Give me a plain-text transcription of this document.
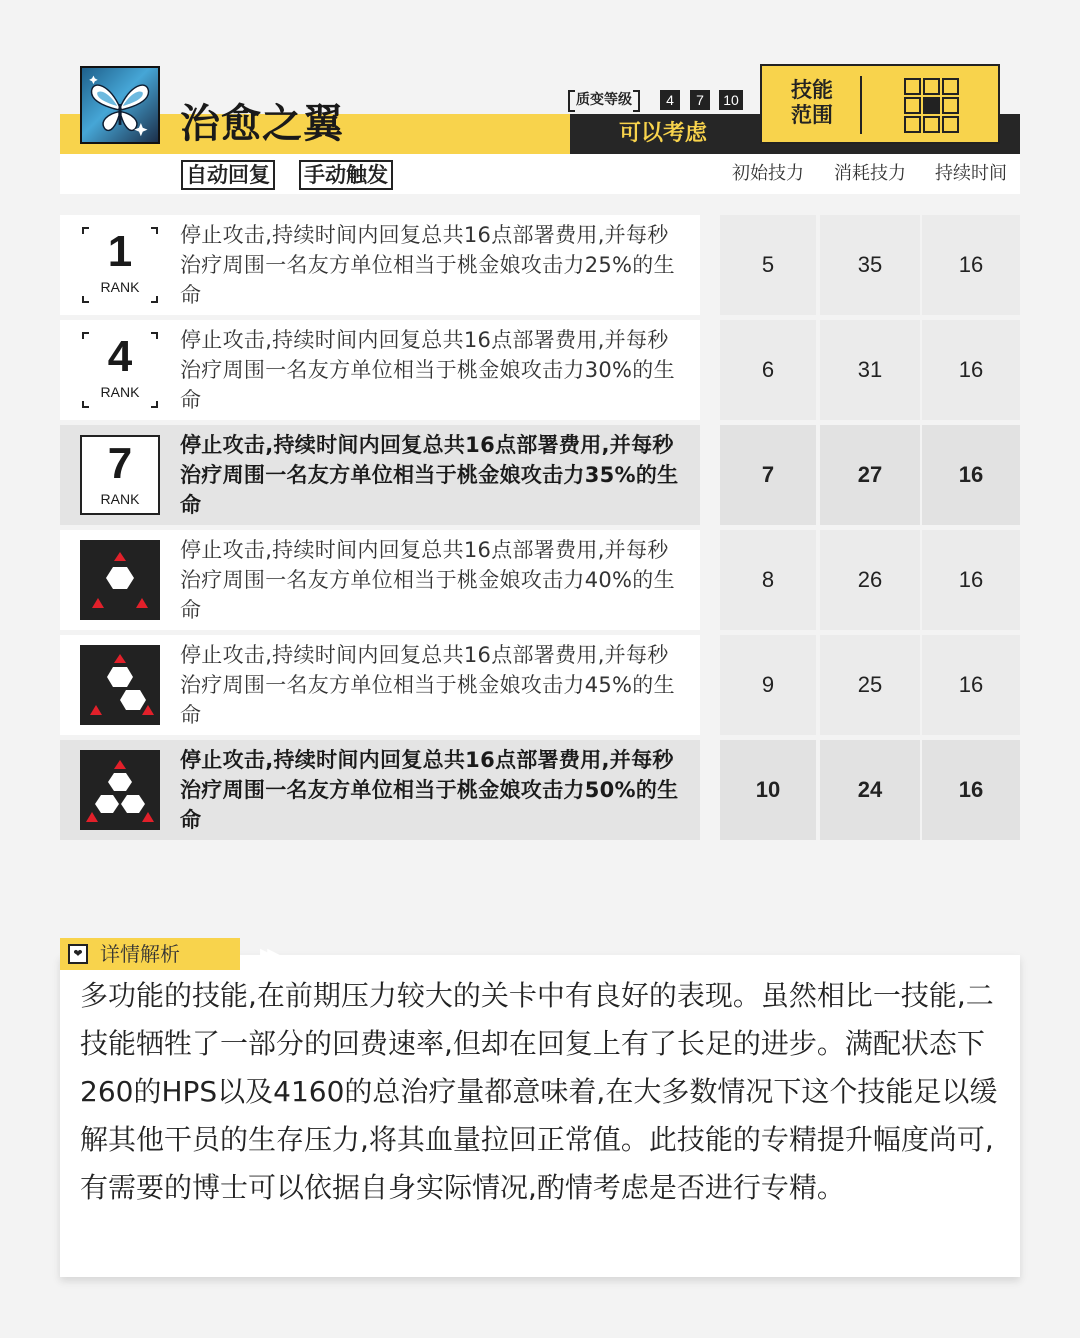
治愈之翼
自动回复 手动触发
质变等级	4	7	10
可以考虑
技能
范围
初始技力	消耗技力	持续时间
1
RANK
停止攻击,持续时间内回复总共16点部署费用,并每秒治疗周围一名友方单位相当于桃金娘攻击力25%的生命
5	35	16
4
RANK
停止攻击,持续时间内回复总共16点部署费用,并每秒治疗周围一名友方单位相当于桃金娘攻击力30%的生命
6	31	16
7
RANK
停止攻击,持续时间内回复总共16点部署费用,并每秒治疗周围一名友方单位相当于桃金娘攻击力35%的生命
7	27	16
停止攻击,持续时间内回复总共16点部署费用,并每秒治疗周围一名友方单位相当于桃金娘攻击力40%的生命
8	26	16
停止攻击,持续时间内回复总共16点部署费用,并每秒治疗周围一名友方单位相当于桃金娘攻击力45%的生命
9	25	16
停止攻击,持续时间内回复总共16点部署费用,并每秒治疗周围一名友方单位相当于桃金娘攻击力50%的生命
10	24	16
❤ 详情解析	▶▶
多功能的技能,在前期压力较大的关卡中有良好的表现。虽然相比一技能,二技能牺牲了一部分的回费速率,但却在回复上有了长足的进步。满配状态下260的HPS以及4160的总治疗量都意味着,在大多数情况下这个技能足以缓解其他干员的生存压力,将其血量拉回正常值。此技能的专精提升幅度尚可,有需要的博士可以依据自身实际情况,酌情考虑是否进行专精。
